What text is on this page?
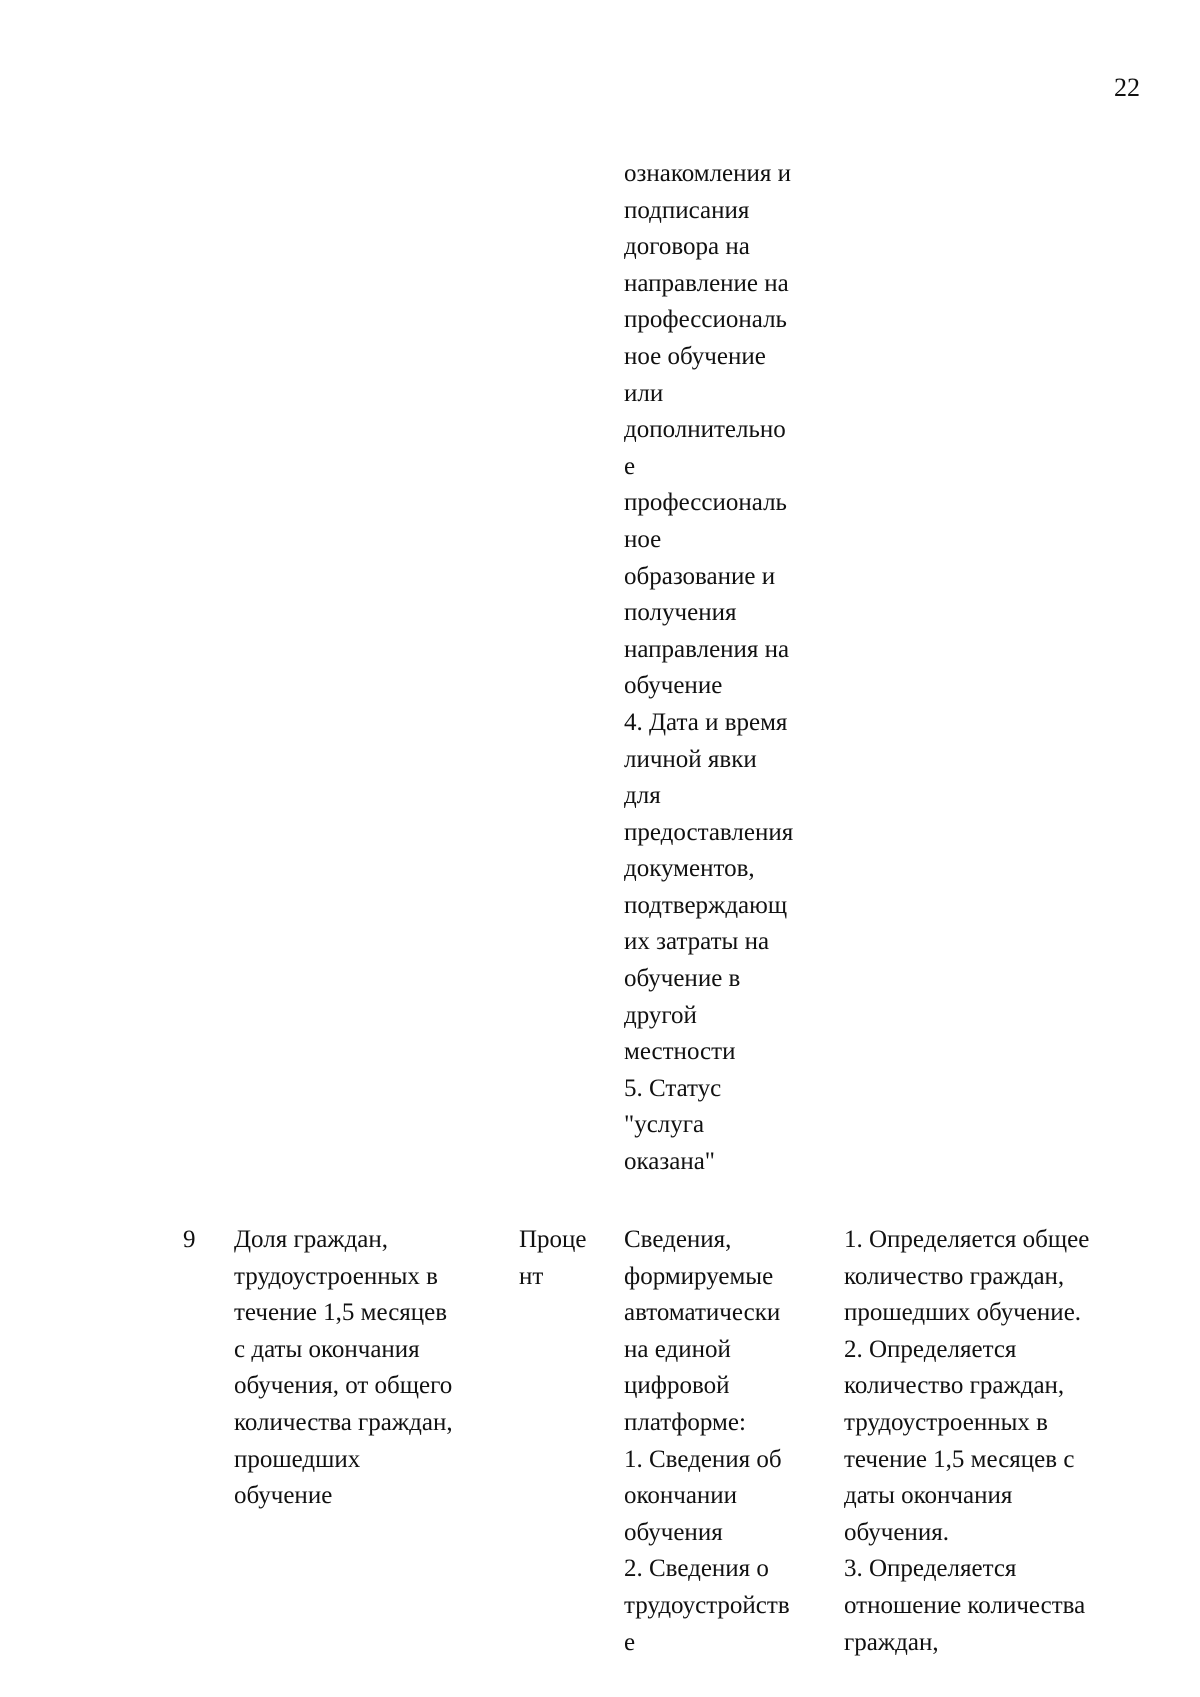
22
ознакомления и
подписания
договора на
направление на
профессиональ
ное обучение
или
дополнительно
е
профессиональ
ное
образование и
получения
направления на
обучение
4. Дата и время
личной явки
для
предоставления
документов,
подтверждающ
их затраты на
обучение в
другой
местности
5. Статус
"услуга
оказана"
9	Доля граждан,
трудоустроенных в
течение 1,5 месяцев
с даты окончания
обучения, от общего
количества граждан,
прошедших
обучение
Проце
нт
Сведения,
формируемые
автоматически
на единой
цифровой
платформе:
1. Сведения об
окончании
обучения
2. Сведения о
трудоустройств
е
1. Определяется общее
количество граждан,
прошедших обучение.
2. Определяется
количество граждан,
трудоустроенных в
течение 1,5 месяцев с
даты окончания
обучения.
3. Определяется
отношение количества
граждан,
